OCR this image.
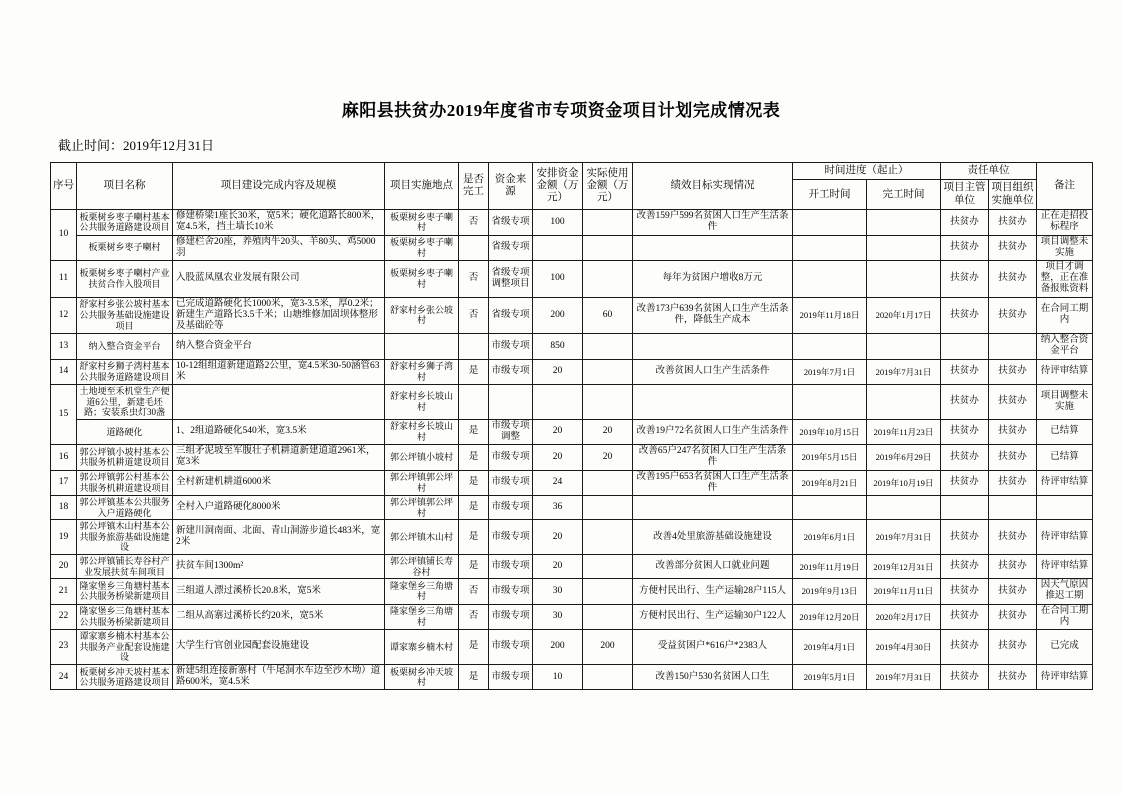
麻阳县扶贫办2019年度省市专项资金项目计划完成情况表
截止时间：2019年12月31日
序号	项目名称	项目建设完成内容及规模	项目实施地点	是否完工	资金来源	安排资金金额（万元）	实际使用金额（万元）	绩效目标实现情况	时间进度（起止）		责任单位		备注
									开工时间	完工时间	项目主管单位	项目组织实施单位	
10	板栗树乡枣子喇村基本公共服务道路建设项目	修建桥梁1座长30米，宽5米；硬化道路长800米，宽4.5米，挡土墙长10米	板栗树乡枣子喇村	否	省级专项	100		改善159户599名贫困人口生产生活条件			扶贫办	扶贫办	正在走招投标程序
	板栗树乡枣子喇村	修建栏舍20座，养殖肉牛20头、羊80头、鸡5000羽	板栗树乡枣子喇村		省级专项						扶贫办	扶贫办	项目调整未实施
11	板栗树乡枣子喇村产业扶贫合作入股项目	入股蓝凤凰农业发展有限公司	板栗树乡枣子喇村	否	省级专项调整项目	100		每年为贫困户增收8万元			扶贫办	扶贫办	项目才调整，正在准备报账资料
12	舒家村乡张公坡村基本公共服务基础设施建设项目	已完成道路硬化长1000米，宽3-3.5米，厚0.2米；新建生产道路长3.5千米；山塘维修加固坝体整形及基础砼等	舒家村乡张公坡村	否	省级专项	200	60	改善173户639名贫困人口生产生活条件，降低生产成本	2019年11月18日	2020年1月17日	扶贫办	扶贫办	在合同工期内
13	纳入整合资金平台	纳入整合资金平台			市级专项	850							纳入整合资金平台
14	舒家村乡狮子湾村基本公共服务道路建设项目	10-12组组道新建道路2公里，宽4.5米30-50涵管63米	舒家村乡狮子湾村	是	市级专项	20		改善贫困人口生产生活条件	2019年7月1日	2019年7月31日	扶贫办	扶贫办	待评审结算
15	土地埂至禾机堂生产便道6公里，新建毛坯路；安装系虫灯30盏		舒家村乡长坡山村								扶贫办	扶贫办	项目调整未实施
	道路硬化	1、2组道路硬化540米，宽3.5米	舒家村乡长坡山村	是	市级专项调整	20	20	改善19户72名贫困人口生产生活条件	2019年10月15日	2019年11月23日	扶贫办	扶贫办	已结算
16	郭公坪镇小坡村基本公共服务机耕道建设项目	三组矛泥坡至军腹壮子机耕道新建道道2961米，宽3米	郭公坪镇小坡村	是	市级专项	20	20	改善65户247名贫困人口生产生活条件	2019年5月15日	2019年6月29日	扶贫办	扶贫办	已结算
17	郭公坪镇郭公村基本公共服务机耕道建设项目	全村新建机耕道6000米	郭公坪镇郭公坪村	是	市级专项	24		改善195户653名贫困人口生产生活条件	2019年8月21日	2019年10月19日	扶贫办	扶贫办	待评审结算
18	郭公坪镇基本公共服务入户道路硬化	全村入户道路硬化8000米	郭公坪镇郭公坪村	是	市级专项	36							
19	郭公坪镇木山村基本公共服务旅游基础设施建设	新建川洞南面、北面、青山洞游步道长483米，宽2米	郭公坪镇木山村	是	市级专项	20		改善4处里旅游基础设施建设	2019年6月1日	2019年7月31日	扶贫办	扶贫办	待评审结算
20	郭公坪镇铺长寿谷村产业发展扶贫车间项目	扶贫车间1300m²	郭公坪镇铺长寿谷村	是	市级专项	20		改善部分贫困人口就业问题	2019年11月19日	2019年12月31日	扶贫办	扶贫办	待评审结算
21	隆家堡乡三角塘村基本公共服务桥梁新建项目	三组道人漂过溪桥长20.8米，宽5米	隆家堡乡三角塘村	否	市级专项	30		方便村民出行、生产运输28户115人	2019年9月13日	2019年11月11日	扶贫办	扶贫办	因天气原因推迟工期
22	隆家堡乡三角塘村基本公共服务桥梁新建项目	二组从高寨过溪桥长约20米，宽5米	隆家堡乡三角塘村	否	市级专项	30		方便村民出行、生产运输30户122人	2019年12月20日	2020年2月17日	扶贫办	扶贫办	在合同工期内
23	谭家寨乡楠木村基本公共服务产业配套设施建设	大学生行官创业园配套设施建设	谭家寨乡楠木村	是	市级专项	200	200	受益贫困户*616户*2383人	2019年4月1日	2019年4月30日	扶贫办	扶贫办	已完成
24	板栗树乡冲天坡村基本公共服务道路建设项目	新建5组连接新寨村（牛尾洞水车边至沙木坳）道路600米，宽4.5米	板栗树乡冲天坡村	是	市级专项	10		改善150户530名贫困人口生	2019年5月1日	2019年7月31日	扶贫办	扶贫办	待评审结算
